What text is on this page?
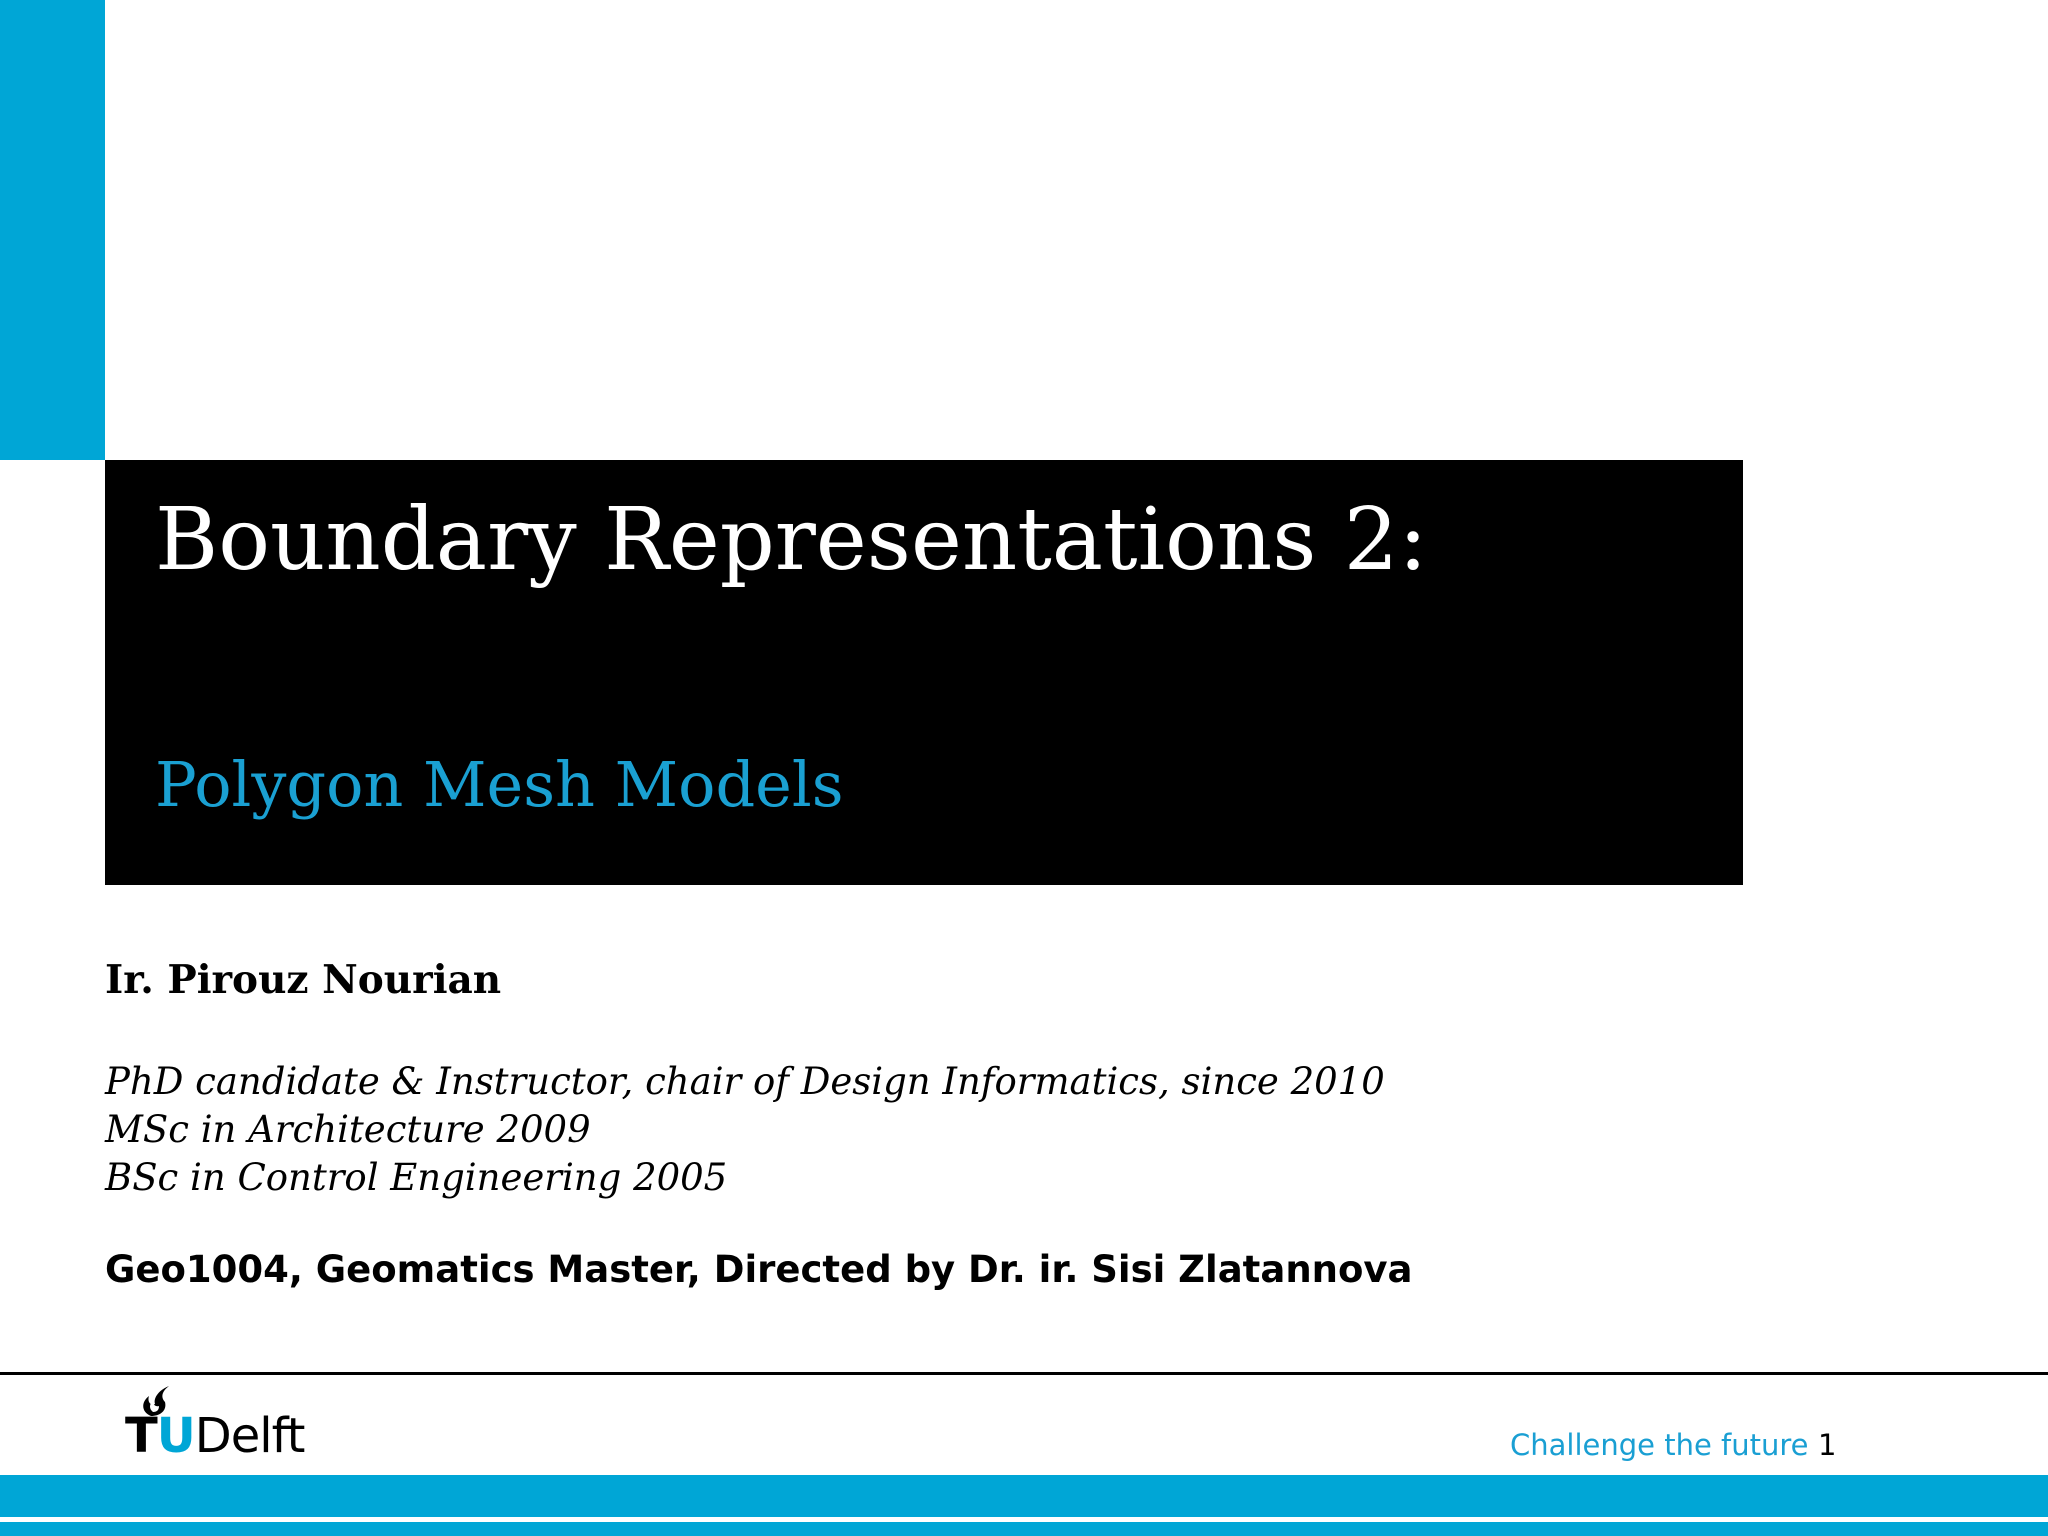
Boundary Representations 2:
Polygon Mesh Models
Ir. Pirouz Nourian
PhD candidate & Instructor, chair of Design Informatics, since 2010
MSc in Architecture 2009
BSc in Control Engineering 2005
Geo1004, Geomatics Master, Directed by Dr. ir. Sisi Zlatannova
TUDelft	Challenge the future 1
